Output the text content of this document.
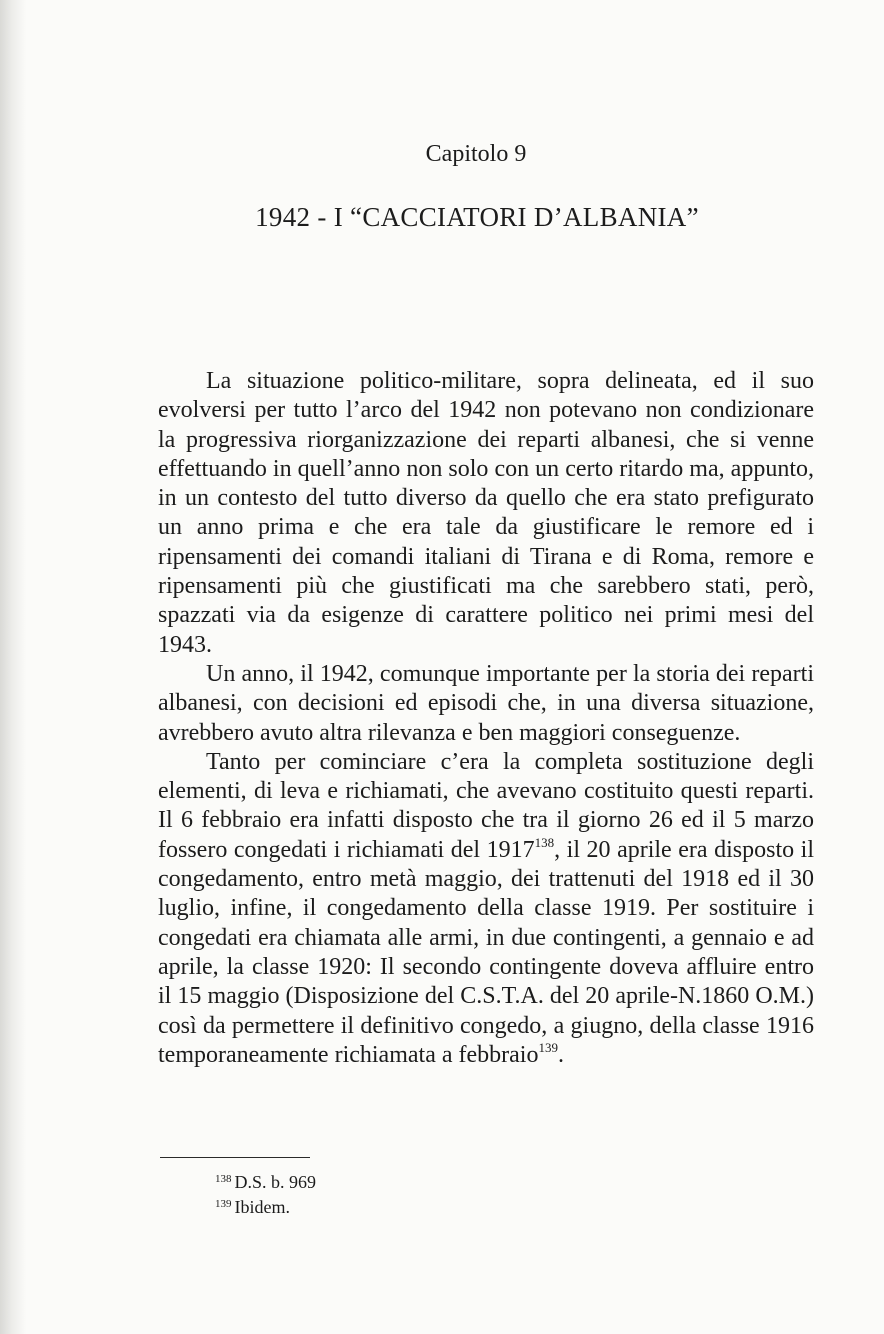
Capitolo 9
1942 - I “CACCIATORI D’ALBANIA”

La situazione politico-militare, sopra delineata, ed il suo evolversi per tutto l’arco del 1942 non potevano non condizionare la progressiva riorganizzazione dei reparti albanesi, che si venne effettuando in quell’anno non solo con un certo ritardo ma, appunto, in un contesto del tutto diverso da quello che era stato prefigurato un anno prima e che era tale da giustificare le remore ed i ripensamenti dei comandi italiani di Tirana e di Roma, remore e ripensamenti più che giustificati ma che sarebbero stati, però, spazzati via da esigenze di carattere politico nei primi mesi del 1943.

Un anno, il 1942, comunque importante per la storia dei reparti albanesi, con decisioni ed episodi che, in una diversa situazione, avrebbero avuto altra rilevanza e ben maggiori conseguenze.

Tanto per cominciare c’era la completa sostituzione degli elementi, di leva e richiamati, che avevano costituito questi reparti. Il 6 febbraio era infatti disposto che tra il giorno 26 ed il 5 marzo fossero congedati i richiamati del 1917$^{138}$, il 20 aprile era disposto il congedamento, entro metà maggio, dei trattenuti del 1918 ed il 30 luglio, infine, il congedamento della classe 1919. Per sostituire i congedati era chiamata alle armi, in due contingenti, a gennaio e ad aprile, la classe 1920: Il secondo contingente doveva affluire entro il 15 maggio (Disposizione del C.S.T.A. del 20 aprile-N.1860 O.M.) così da permettere il definitivo congedo, a giugno, della classe 1916 temporaneamente richiamata a febbraio$^{139}$.

$^{138}$ D.S. b. 969
$^{139}$ Ibidem.
